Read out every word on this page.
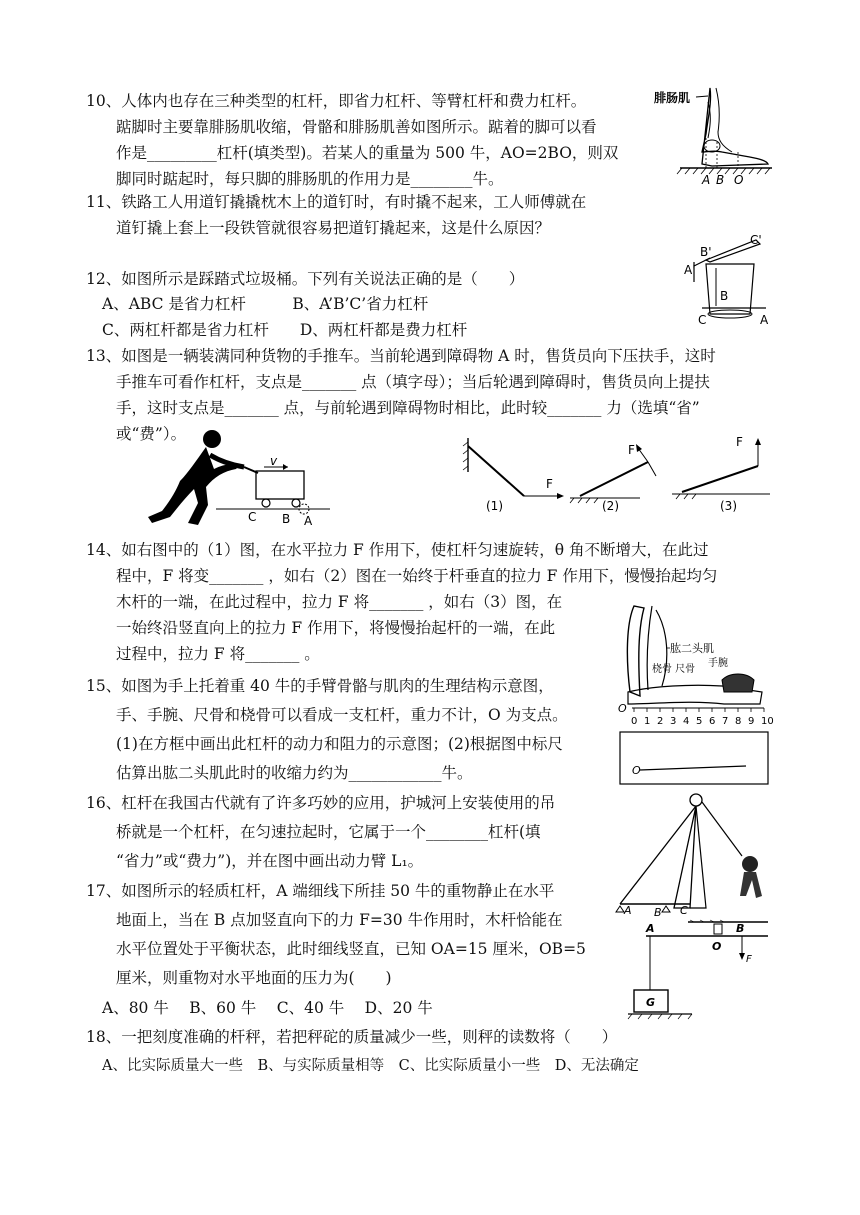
10、人体内也存在三种类型的杠杆，即省力杠杆、等臂杠杆和费力杠杆。
踮脚时主要靠腓肠肌收缩，骨骼和腓肠肌善如图所示。踮着的脚可以看
作是_________杠杆(填类型)。若某人的重量为 500 牛，AO=2BO，则双
脚同时踮起时，每只脚的腓肠肌的作用力是________牛。
11、铁路工人用道钉撬撬枕木上的道钉时，有时撬不起来，工人师傅就在
道钉撬上套上一段铁管就很容易把道钉撬起来，这是什么原因？
12、如图所示是踩踏式垃圾桶。下列有关说法正确的是（　　）
A、ABC 是省力杠杆　　　B、A’B’C’省力杠杆
C、两杠杆都是省力杠杆　　D、两杠杆都是费力杠杆
13、如图是一辆装满同种货物的手推车。当前轮遇到障碍物 A 时，售货员向下压扶手，这时
手推车可看作杠杆，支点是_______ 点（填字母）；当后轮遇到障碍时，售货员向上提扶
手，这时支点是_______ 点，与前轮遇到障碍物时相比，此时较_______ 力（选填“省”
或“费”）。
14、如右图中的（1）图，在水平拉力 F 作用下，使杠杆匀速旋转，θ 角不断增大，在此过
程中，F 将变_______ ，如右（2）图在一始终于杆垂直的拉力 F 作用下，慢慢抬起均匀
木杆的一端，在此过程中，拉力 F 将_______ ，如右（3）图，在
一始终沿竖直向上的拉力 F 作用下，将慢慢抬起杆的一端，在此
过程中，拉力 F 将_______ 。
15、如图为手上托着重 40 牛的手臂骨骼与肌肉的生理结构示意图，
手、手腕、尺骨和桡骨可以看成一支杠杆，重力不计，O 为支点。
(1)在方框中画出此杠杆的动力和阻力的示意图；(2)根据图中标尺
估算出肱二头肌此时的收缩力约为____________牛。
16、杠杆在我国古代就有了许多巧妙的应用，护城河上安装使用的吊
桥就是一个杠杆，在匀速拉起时，它属于一个________杠杆(填
“省力”或“费力”)，并在图中画出动力臂 L₁。
17、如图所示的轻质杠杆，A 端细线下所挂 50 牛的重物静止在水平
地面上，当在 B 点加竖直向下的力 F=30 牛作用时，木杆恰能在
水平位置处于平衡状态，此时细线竖直，已知 OA=15 厘米，OB=5
厘米，则重物对水平地面的压力为(　　)
A、80 牛　 B、60 牛　 C、40 牛　 D、20 牛
18、一把刻度准确的杆秤，若把秤砣的质量减少一些，则秤的读数将（　　）
A、比实际质量大一些　B、与实际质量相等　C、比实际质量小一些　D、无法确定
腓肠肌
A B O
B'
C'
A'
B
C	A
v
C B A
F
(1)
F
(2)
F
(3)
肱二头肌
桡骨 尺骨
手腕
O
0 1 2 3 4 5 6 7 8 9 10
O
A B C
A
O
B
F
G
